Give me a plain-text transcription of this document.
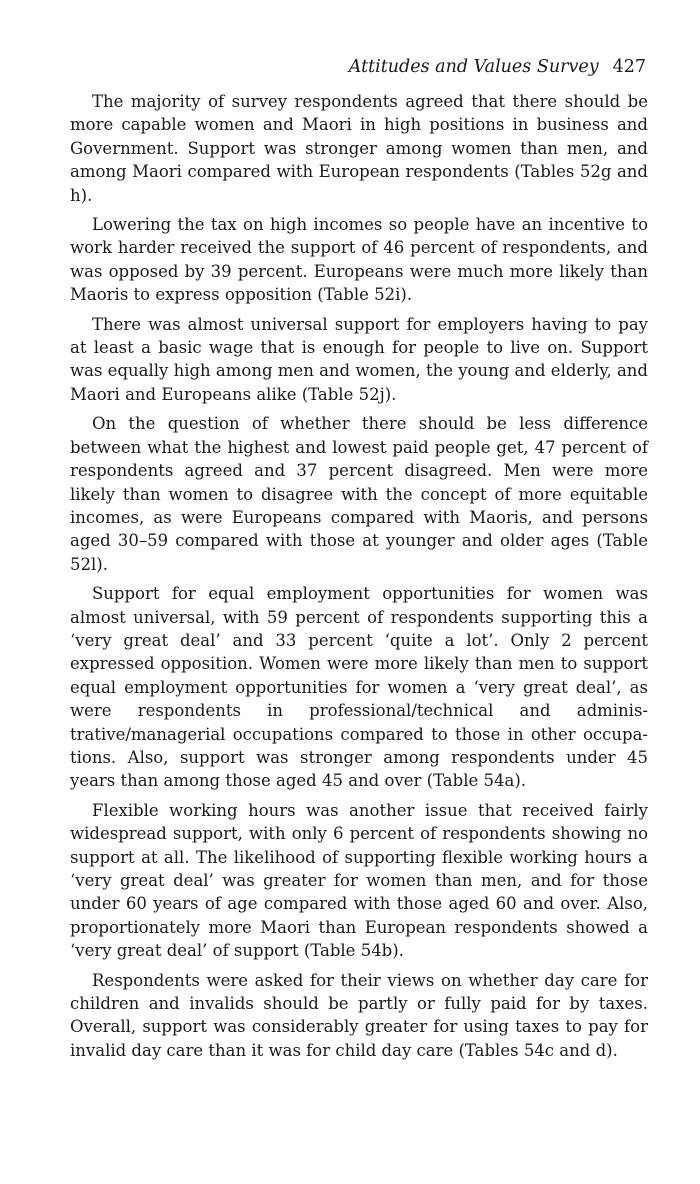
Attitudes and Values Survey 427

The majority of survey respondents agreed that there should be more capable women and Maori in high positions in business and Government. Support was stronger among women than men, and among Maori compared with European respondents (Tables 52g and h).

Lowering the tax on high incomes so people have an incentive to work harder received the support of 46 percent of respondents, and was opposed by 39 percent. Europeans were much more likely than Maoris to express opposition (Table 52i).

There was almost universal support for employers having to pay at least a basic wage that is enough for people to live on. Support was equally high among men and women, the young and elderly, and Maori and Europeans alike (Table 52j).

On the question of whether there should be less difference between what the highest and lowest paid people get, 47 percent of respondents agreed and 37 percent disagreed. Men were more likely than women to disagree with the concept of more equitable incomes, as were Europeans compared with Maoris, and persons aged 30–59 compared with those at younger and older ages (Table 52l).

Support for equal employment opportunities for women was almost universal, with 59 percent of respondents supporting this a ‘very great deal’ and 33 percent ‘quite a lot’. Only 2 percent expressed opposition. Women were more likely than men to support equal employment opportunities for women a ‘very great deal’, as were respondents in professional/technical and administrative/managerial occupations compared to those in other occupations. Also, support was stronger among respondents under 45 years than among those aged 45 and over (Table 54a).

Flexible working hours was another issue that received fairly widespread support, with only 6 percent of respondents showing no support at all. The likelihood of supporting flexible working hours a ‘very great deal’ was greater for women than men, and for those under 60 years of age compared with those aged 60 and over. Also, proportionately more Maori than European respondents showed a ‘very great deal’ of support (Table 54b).

Respondents were asked for their views on whether day care for children and invalids should be partly or fully paid for by taxes. Overall, support was considerably greater for using taxes to pay for invalid day care than it was for child day care (Tables 54c and d).
